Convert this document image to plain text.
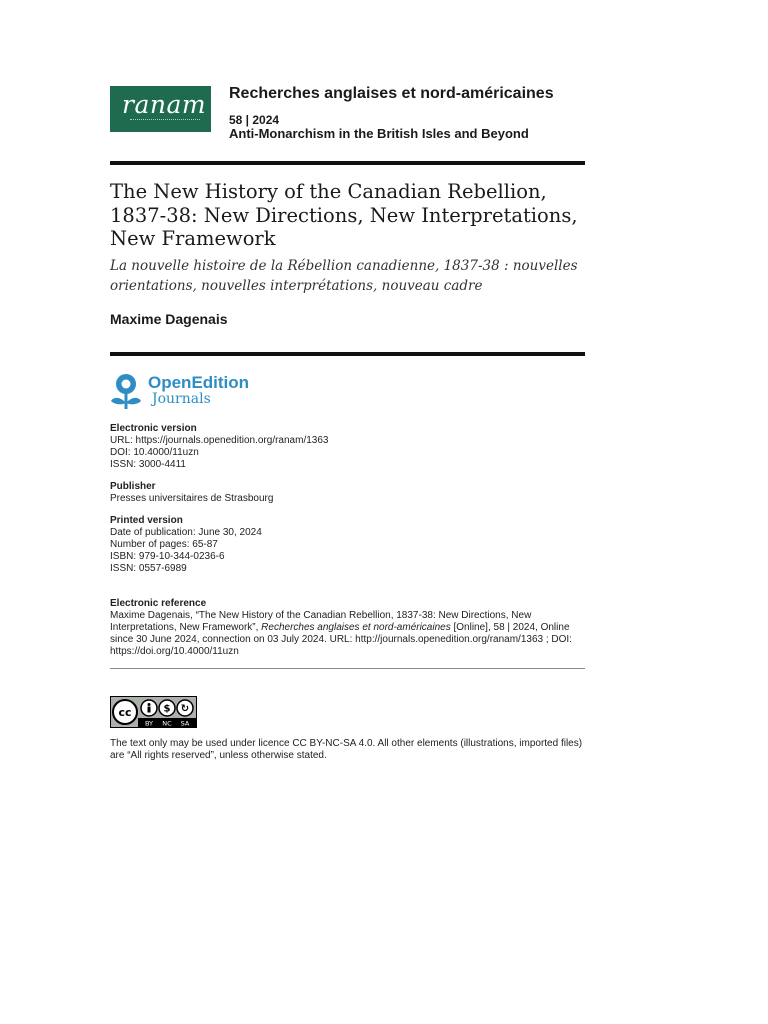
ranam Recherches anglaises et nord-américaines
58 | 2024
Anti-Monarchism in the British Isles and Beyond
The New History of the Canadian Rebellion, 1837-38: New Directions, New Interpretations, New Framework
La nouvelle histoire de la Rébellion canadienne, 1837-38 : nouvelles orientations, nouvelles interprétations, nouveau cadre
Maxime Dagenais
OpenEdition
Journals
Electronic version
URL: https://journals.openedition.org/ranam/1363
DOI: 10.4000/11uzn
ISSN: 3000-4411
Publisher
Presses universitaires de Strasbourg
Printed version
Date of publication: June 30, 2024
Number of pages: 65-87
ISBN: 979-10-344-0236-6
ISSN: 0557-6989
Electronic reference
Maxime Dagenais, “The New History of the Canadian Rebellion, 1837-38: New Directions, New Interpretations, New Framework”, Recherches anglaises et nord-américaines [Online], 58 | 2024, Online since 30 June 2024, connection on 03 July 2024. URL: http://journals.openedition.org/ranam/1363 ; DOI: https://doi.org/10.4000/11uzn
cc	$ ↻
BY NC SA
The text only may be used under licence CC BY-NC-SA 4.0. All other elements (illustrations, imported files) are “All rights reserved”, unless otherwise stated.
